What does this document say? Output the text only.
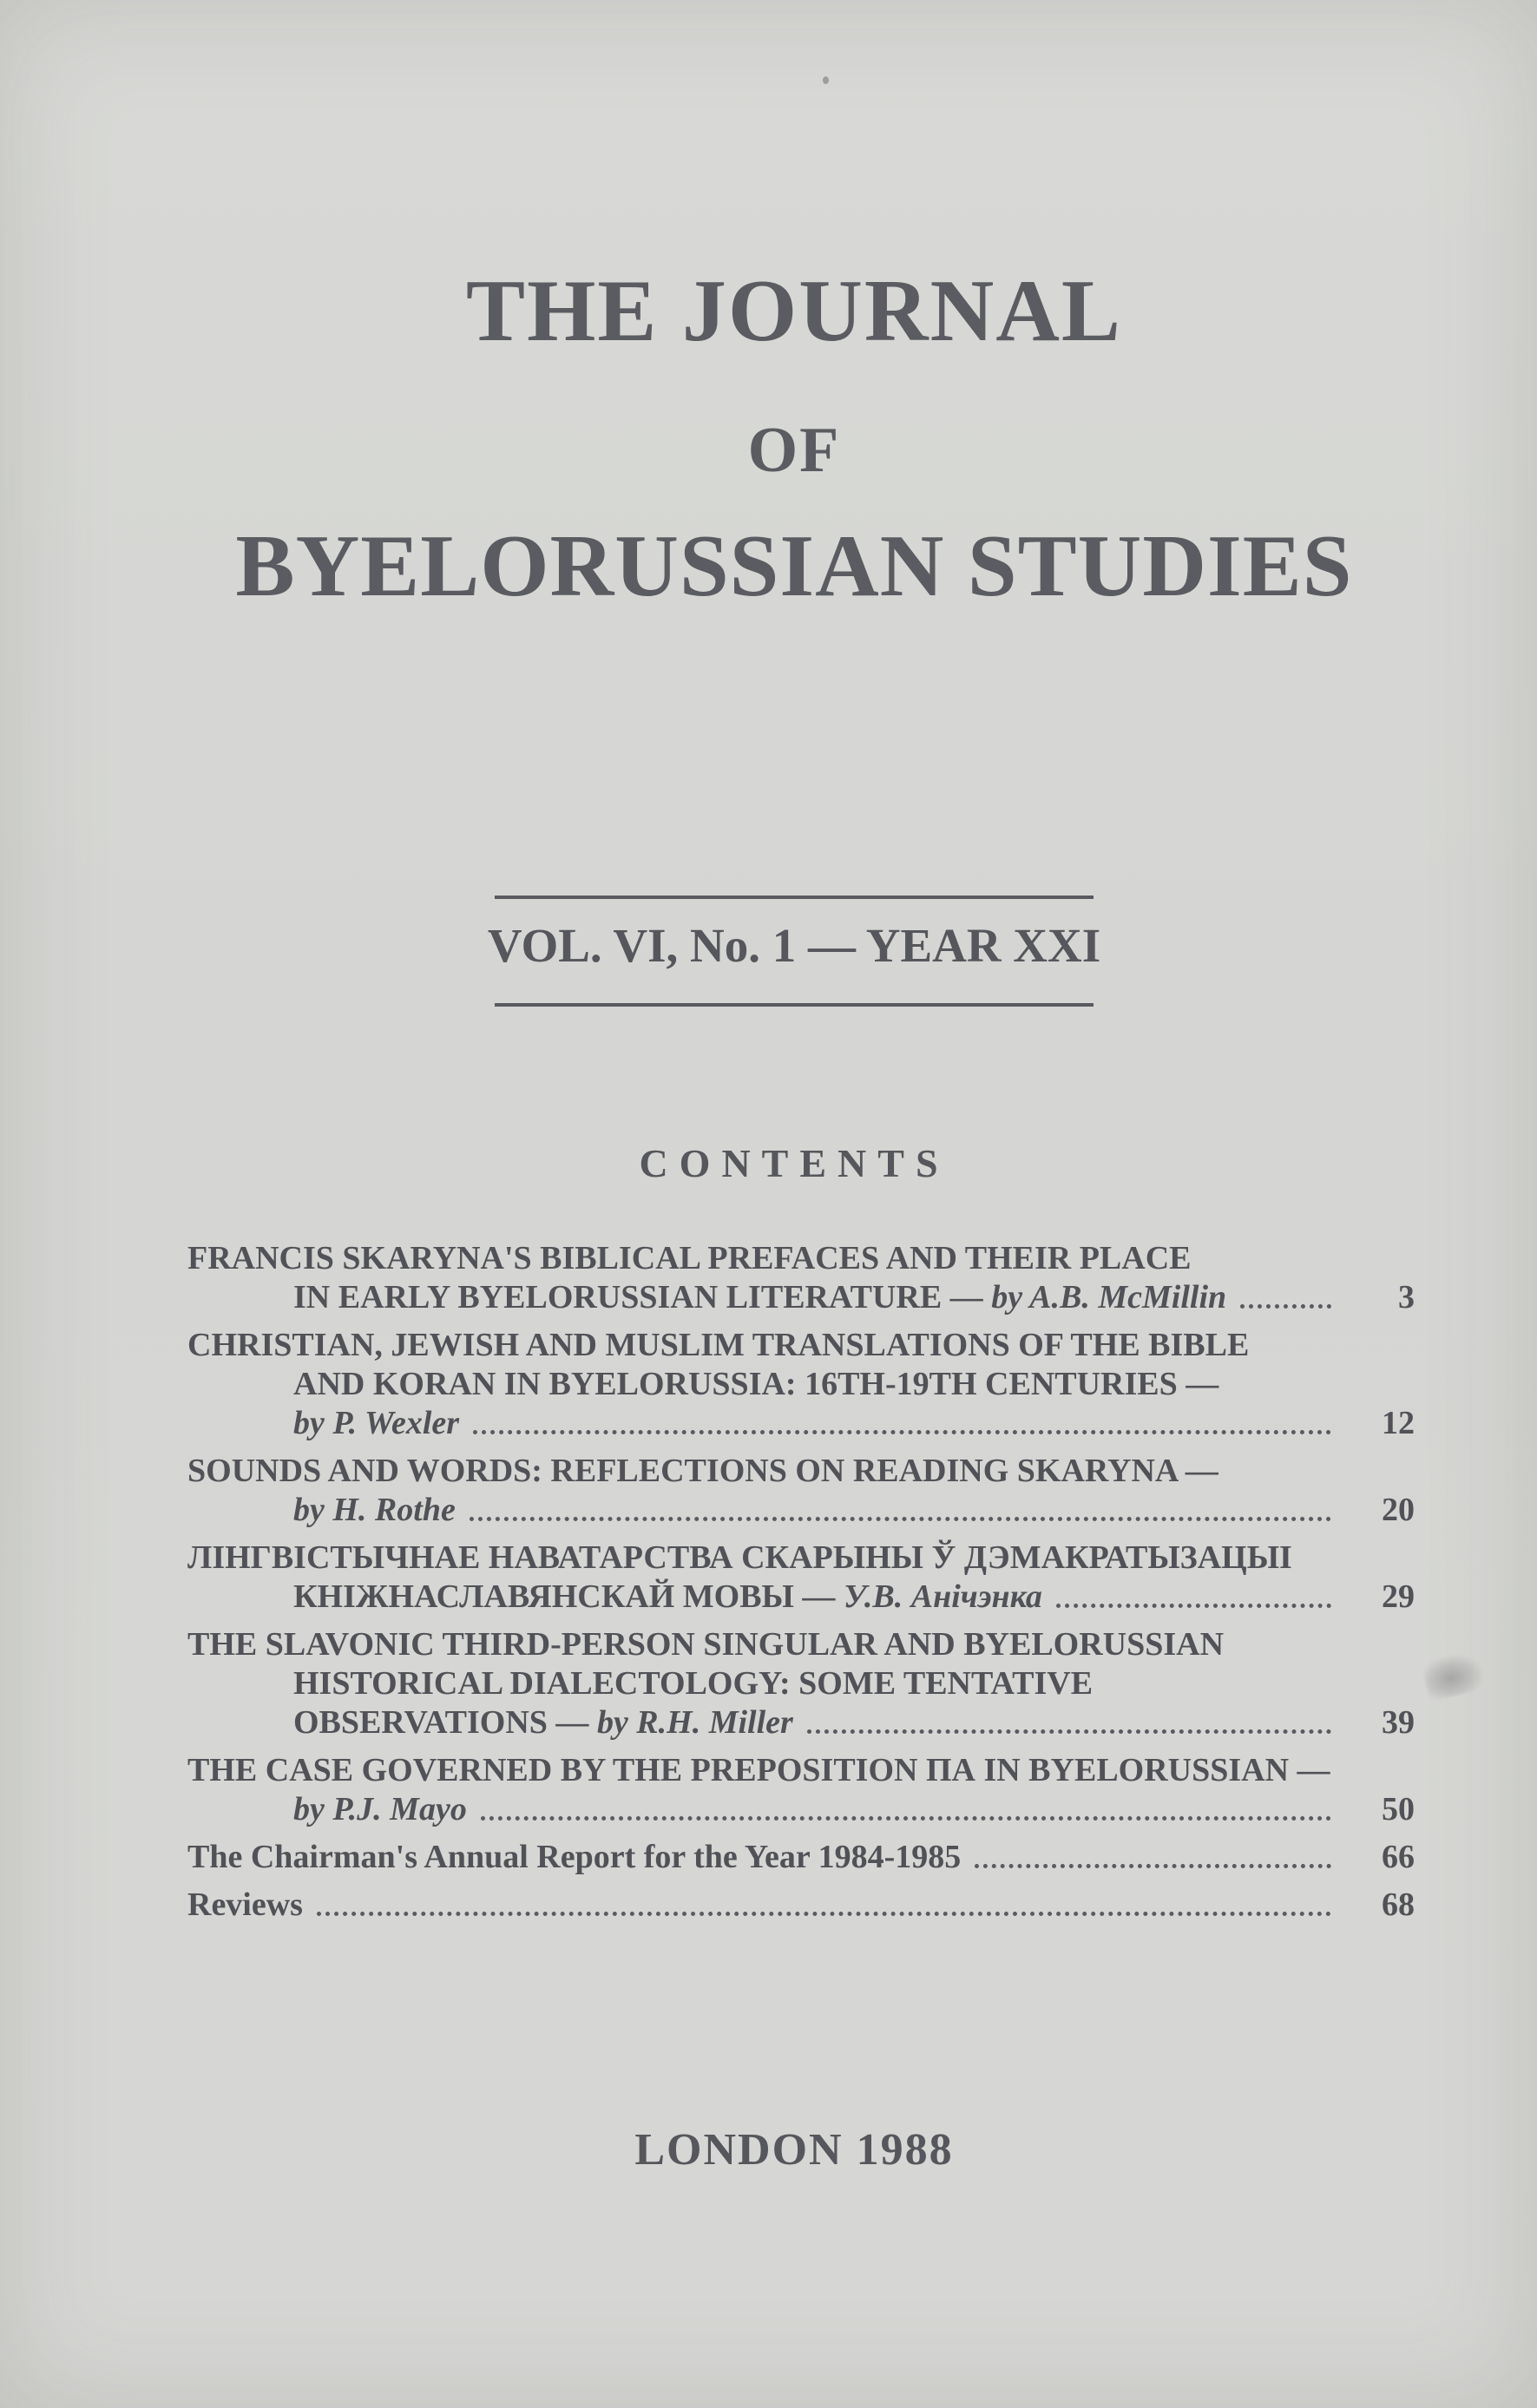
THE JOURNAL
OF
BYELORUSSIAN STUDIES
VOL. VI, No. 1 — YEAR XXI
CONTENTS
FRANCIS SKARYNA'S BIBLICAL PREFACES AND THEIR PLACE
IN EARLY BYELORUSSIAN LITERATURE — by A.B. McMillin	3
CHRISTIAN, JEWISH AND MUSLIM TRANSLATIONS OF THE BIBLE
AND KORAN IN BYELORUSSIA: 16TH-19TH CENTURIES —
by P. Wexler	12
SOUNDS AND WORDS: REFLECTIONS ON READING SKARYNA —
by H. Rothe	20
ЛІНГВІСТЫЧНАЕ НАВАТАРСТВА СКАРЫНЫ Ў ДЭМАКРАТЫЗАЦЫІ
КНІЖНАСЛАВЯНСКАЙ МОВЫ — У.В. Анічэнка	29
THE SLAVONIC THIRD-PERSON SINGULAR AND BYELORUSSIAN
HISTORICAL DIALECTOLOGY: SOME TENTATIVE
OBSERVATIONS — by R.H. Miller	39
THE CASE GOVERNED BY THE PREPOSITION ПА IN BYELORUSSIAN —
by P.J. Mayo	50
The Chairman's Annual Report for the Year 1984-1985	66
Reviews	68
LONDON 1988
